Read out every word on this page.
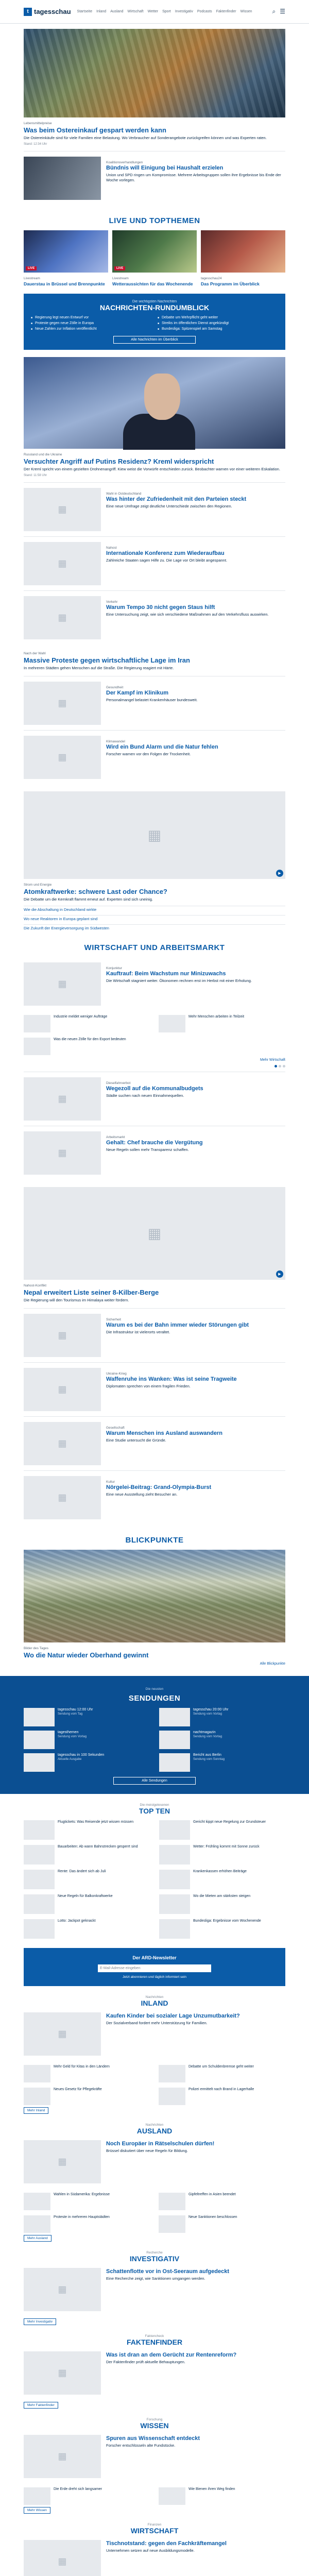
t tagesschau Startseite Inland Ausland Wirtschaft Wetter Sport Investigativ Podcasts Faktenfinder Wissen	⌕ ☰
Lebensmittelpreise
Was beim Ostereinkauf gespart werden kann
Die Ostereinkäufe sind für viele Familien eine Belastung. Wo Verbraucher auf Sonderangebote zurückgreifen können und was Experten raten.
Stand: 12:34 Uhr
Koalitionsverhandlungen
Bündnis will Einigung bei Haushalt erzielen
Union und SPD ringen um Kompromisse. Mehrere Arbeitsgruppen sollen ihre Ergebnisse bis Ende der Woche vorlegen.
LIVE UND TOPTHEMEN
LIVE
Livestream
Dauerstau in Brüssel und Brennpunkte
LIVE
Livestream
Wetteraussichten für das Wochenende
tagesschau24
Das Programm im Überblick
Die wichtigsten Nachrichten
NACHRICHTEN-RUNDUMBLICK
■ Regierung legt neuen Entwurf vor	■ Debatte um Wehrpflicht geht weiter
■ Proteste gegen neue Zölle in Europa	■ Streiks im öffentlichen Dienst angekündigt
■ Neue Zahlen zur Inflation veröffentlicht	■ Bundesliga: Spitzenspiel am Samstag
Alle Nachrichten im Überblick
Russland und die Ukraine
Versuchter Angriff auf Putins Residenz? Kreml widerspricht
Der Kreml spricht von einem gezielten Drohnenangriff. Kiew weist die Vorwürfe entschieden zurück. Beobachter warnen vor einer weiteren Eskalation.
Stand: 11:58 Uhr
▦
Wahl in Ostdeutschland
Was hinter der Zufriedenheit mit den Parteien steckt
Eine neue Umfrage zeigt deutliche Unterschiede zwischen den Regionen.
▦
Nahost
Internationale Konferenz zum Wiederaufbau
Zahlreiche Staaten sagen Hilfe zu. Die Lage vor Ort bleibt angespannt.
▦
Verkehr
Warum Tempo 30 nicht gegen Staus hilft
Eine Untersuchung zeigt, wie sich verschiedene Maßnahmen auf den Verkehrsfluss auswirken.
Nach der Wahl
Massive Proteste gegen wirtschaftliche Lage im Iran
In mehreren Städten gehen Menschen auf die Straße. Die Regierung reagiert mit Härte.
▦
Gesundheit
Der Kampf im Klinikum
Personalmangel belastet Krankenhäuser bundesweit.
▦
Klimawandel
Wird ein Bund Alarm und die Natur fehlen
Forscher warnen vor den Folgen der Trockenheit.
▶
▦
Strom und Energie
Atomkraftwerke: schwere Last oder Chance?
Die Debatte um die Kernkraft flammt erneut auf. Experten sind sich uneinig.
Wie die Abschaltung in Deutschland wirkte
Wo neue Reaktoren in Europa geplant sind
Die Zukunft der Energieversorgung im Südwesten
WIRTSCHAFT UND ARBEITSMARKT
▦
Konjunktur
Kauftrauf: Beim Wachstum nur Minizuwachs
Die Wirtschaft stagniert weiter. Ökonomen rechnen erst im Herbst mit einer Erholung.
Industrie meldet weniger Aufträge	Mehr Menschen arbeiten in Teilzeit
Was die neuen Zölle für den Export bedeuten
Mehr Wirtschaft
▦
Dieselfahrverbot
Wegezoll auf die Kommunalbudgets
Städte suchen nach neuen Einnahmequellen.
▦
Arbeitsmarkt
Gehalt: Chef brauche die Vergütung
Neue Regeln sollen mehr Transparenz schaffen.
▶
▦
Nahost-Konflikt
Nepal erweitert Liste seiner 8-Kilber-Berge
Die Regierung will den Tourismus im Himalaya weiter fördern.
▦
Sicherheit
Warum es bei der Bahn immer wieder Störungen gibt
Die Infrastruktur ist vielerorts veraltet.
▦
Ukraine-Krieg
Waffenruhe ins Wanken: Was ist seine Tragweite
Diplomaten sprechen von einem fragilen Frieden.
▦
Gesellschaft
Warum Menschen ins Ausland auswandern
Eine Studie untersucht die Gründe.
▦
Kultur
Nörgelei-Beitrag: Grand-Olympia-Burst
Eine neue Ausstellung zieht Besucher an.
BLICKPUNKTE
Bilder des Tages
Wo die Natur wieder Oberhand gewinnt
Alle Blickpunkte
Die neusten
SENDUNGEN
tagesschau 12:00 Uhr
Sendung vom Tag
tagesschau 20:00 Uhr
Sendung vom Vortag
tagesthemen
Sendung vom Vortag
nachtmagazin
Sendung vom Vortag
tagesschau in 100 Sekunden
Aktuelle Ausgabe
Bericht aus Berlin
Sendung vom Sonntag
Alle Sendungen
Die meistgelesenen
TOP TEN
Flugtickets: Was Reisende jetzt wissen müssen	Gericht kippt neue Regelung zur Grundsteuer
Bauarbeiten: Ab wann Bahnstrecken gesperrt sind	Wetter: Frühling kommt mit Sonne zurück
Rente: Das ändert sich ab Juli	Krankenkassen erhöhen Beiträge
Neue Regeln für Balkonkraftwerke	Wo die Mieten am stärksten steigen
Lotto: Jackpot geknackt	Bundesliga: Ergebnisse vom Wochenende
Der ARD-Newsletter
E-Mail-Adresse eingeben
Jetzt abonnieren und täglich informiert sein
Nachrichten
INLAND
▦
Kaufen Kinder bei sozialer Lage Unzumutbarkeit?
Der Sozialverband fordert mehr Unterstützung für Familien.
Mehr Geld für Kitas in den Ländern	Debatte um Schuldenbremse geht weiter
Neues Gesetz für Pflegekräfte	Polizei ermittelt nach Brand in Lagerhalle
Mehr Inland
Nachrichten
AUSLAND
▦
Noch Europäer in Rätselschulen dürfen!
Brüssel diskutiert über neue Regeln für Bildung.
Wahlen in Südamerika: Ergebnisse	Gipfeltreffen in Asien beendet
Proteste in mehreren Hauptstädten	Neue Sanktionen beschlossen
Mehr Ausland
Recherche
INVESTIGATIV
▦
Schattenflotte vor in Ost-Seeraum aufgedeckt
Eine Recherche zeigt, wie Sanktionen umgangen werden.
Mehr Investigativ
Faktencheck
FAKTENFINDER
▦
Was ist dran an dem Gerücht zur Rentenreform?
Der Faktenfinder prüft aktuelle Behauptungen.
Mehr Faktenfinder
Forschung
WISSEN
▦
Spuren aus Wissenschaft entdeckt
Forscher entschlüsseln alte Fundstücke.
Die Erde dreht sich langsamer	Wie Bienen ihren Weg finden
Mehr Wissen
Finanzen
WIRTSCHAFT
▦
Tischnotstand: gegen den Fachkräftemangel
Unternehmen setzen auf neue Ausbildungsmodelle.
